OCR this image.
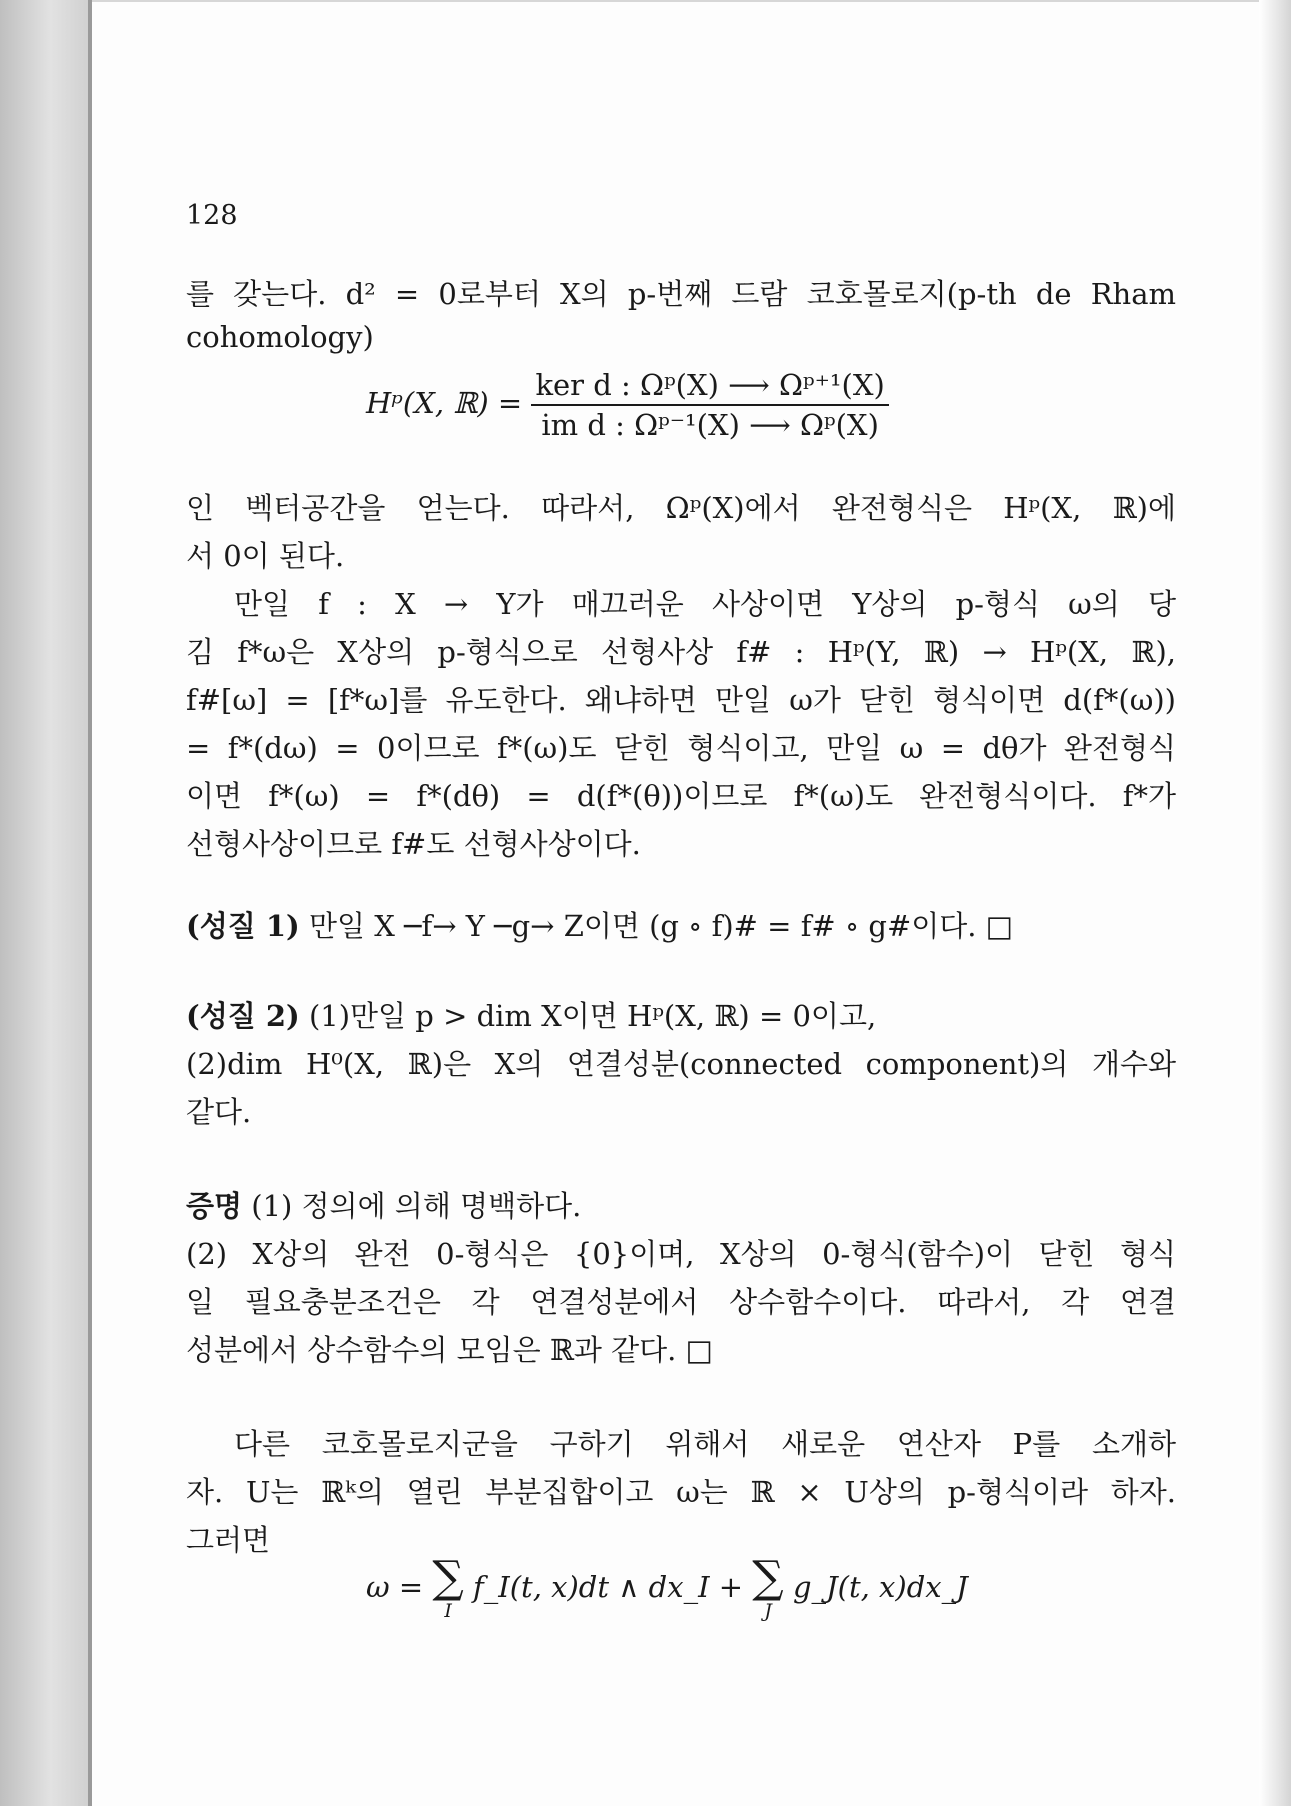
128
를 갖는다. d² = 0로부터 X의 p-번째 드람 코호몰로지(p-th de Rham
cohomology)
Hᵖ(X, ℝ) = $\frac{\text{ker d : Ωᵖ(X) ⟶ Ωᵖ⁺¹(X)}}{\text{im d : Ωᵖ⁻¹(X) ⟶ Ωᵖ(X)}}$
인 벡터공간을 얻는다. 따라서, Ωᵖ(X)에서 완전형식은 Hᵖ(X, ℝ)에
서 0이 된다.
만일 f : X → Y가 매끄러운 사상이면 Y상의 p-형식 ω의 당
김 f*ω은 X상의 p-형식으로 선형사상 f# : Hᵖ(Y, ℝ) → Hᵖ(X, ℝ),
f#[ω] = [f*ω]를 유도한다. 왜냐하면 만일 ω가 닫힌 형식이면 d(f*(ω))
= f*(dω) = 0이므로 f*(ω)도 닫힌 형식이고, 만일 ω = dθ가 완전형식
이면 f*(ω) = f*(dθ) = d(f*(θ))이므로 f*(ω)도 완전형식이다. f*가
선형사상이므로 f#도 선형사상이다.
(성질 1) 만일 X ─f→ Y ─g→ Z이면 (g ∘ f)# = f# ∘ g#이다. □
(성질 2) (1)만일 p > dim X이면 Hᵖ(X, ℝ) = 0이고,
(2)dim H⁰(X, ℝ)은 X의 연결성분(connected component)의 개수와
같다.
증명 (1) 정의에 의해 명백하다.
(2) X상의 완전 0-형식은 {0}이며, X상의 0-형식(함수)이 닫힌 형식
일 필요충분조건은 각 연결성분에서 상수함수이다. 따라서, 각 연결
성분에서 상수함수의 모임은 ℝ과 같다. □
다른 코호몰로지군을 구하기 위해서 새로운 연산자 P를 소개하
자. U는 ℝᵏ의 열린 부분집합이고 ω는 ℝ × U상의 p-형식이라 하자.
그러면
ω = ∑
I
f_I(t, x)dt ∧ dx_I + ∑
J
g_J(t, x)dx_J
